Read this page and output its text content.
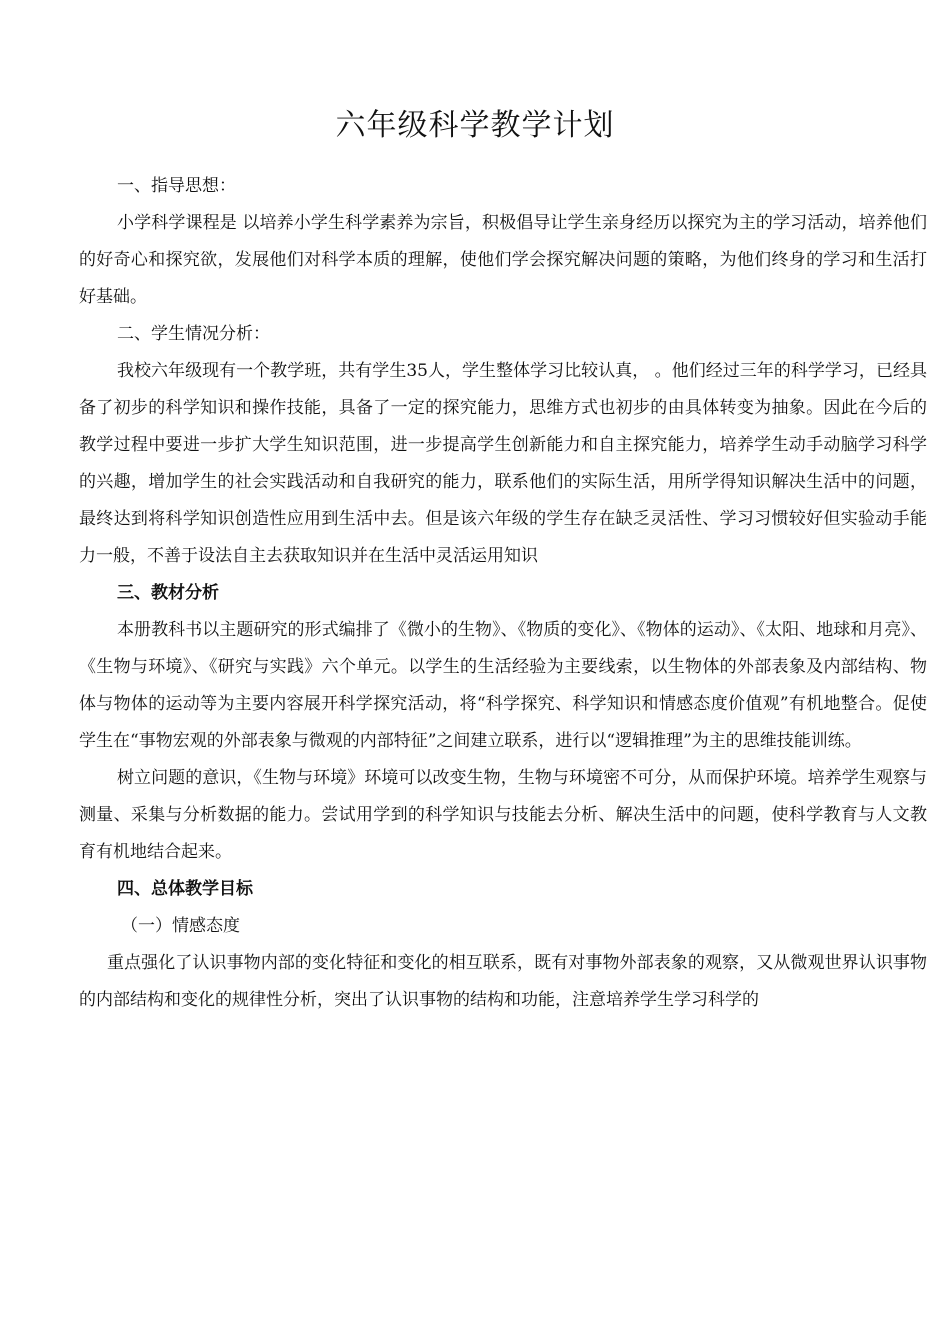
六年级科学教学计划

一、指导思想：

小学科学课程是 以培养小学生科学素养为宗旨，积极倡导让学生亲身经历以探究为主的学习活动，培养他们的好奇心和探究欲，发展他们对科学本质的理解，使他们学会探究解决问题的策略，为他们终身的学习和生活打好基础。

二、学生情况分析：

我校六年级现有一个教学班，共有学生35人，学生整体学习比较认真， 。他们经过三年的科学学习，已经具备了初步的科学知识和操作技能，具备了一定的探究能力，思维方式也初步的由具体转变为抽象。因此在今后的教学过程中要进一步扩大学生知识范围，进一步提高学生创新能力和自主探究能力，培养学生动手动脑学习科学的兴趣，增加学生的社会实践活动和自我研究的能力，联系他们的实际生活，用所学得知识解决生活中的问题，最终达到将科学知识创造性应用到生活中去。但是该六年级的学生存在缺乏灵活性、学习习惯较好但实验动手能力一般，不善于设法自主去获取知识并在生活中灵活运用知识

三、教材分析

本册教科书以主题研究的形式编排了《微小的生物》、《物质的变化》、《物体的运动》、《太阳、地球和月亮》、《生物与环境》、《研究与实践》六个单元。以学生的生活经验为主要线索，以生物体的外部表象及内部结构、物体与物体的运动等为主要内容展开科学探究活动，将“科学探究、科学知识和情感态度价值观”有机地整合。促使学生在“事物宏观的外部表象与微观的内部特征”之间建立联系，进行以“逻辑推理”为主的思维技能训练。

树立问题的意识，《生物与环境》环境可以改变生物，生物与环境密不可分，从而保护环境。培养学生观察与测量、采集与分析数据的能力。尝试用学到的科学知识与技能去分析、解决生活中的问题，使科学教育与人文教育有机地结合起来。

四、总体教学目标

（一）情感态度

重点强化了认识事物内部的变化特征和变化的相互联系，既有对事物外部表象的观察，又从微观世界认识事物的内部结构和变化的规律性分析，突出了认识事物的结构和功能，注意培养学生学习科学的
